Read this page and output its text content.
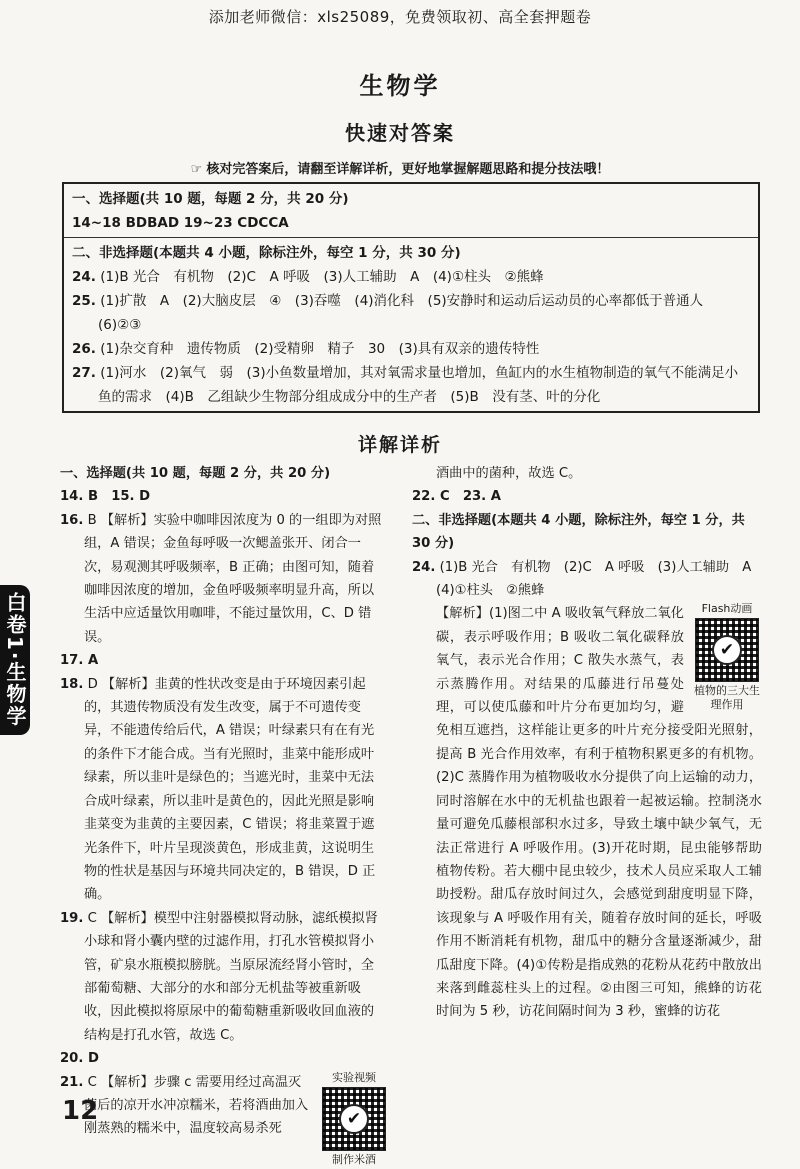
添加老师微信：xls25089，免费领取初、高全套押题卷
生物学
快速对答案
☞ 核对完答案后，请翻至详解详析，更好地掌握解题思路和提分技法哦！
一、选择题(共 10 题，每题 2 分，共 20 分)
14~18 BDBAD 19~23 CDCCA
二、非选择题(本题共 4 小题，除标注外，每空 1 分，共 30 分)
24. (1)B 光合　有机物　(2)C　A 呼吸　(3)人工辅助　A　(4)①柱头　②熊蜂
25. (1)扩散　A　(2)大脑皮层　④　(3)吞噬　(4)消化科　(5)安静时和运动后运动员的心率都低于普通人　(6)②③
26. (1)杂交育种　遗传物质　(2)受精卵　精子　30　(3)具有双亲的遗传特性
27. (1)河水　(2)氧气　弱　(3)小鱼数量增加，其对氧需求量也增加，鱼缸内的水生植物制造的氧气不能满足小鱼的需求　(4)B　乙组缺少生物部分组成成分中的生产者　(5)B　没有茎、叶的分化
详解详析

一、选择题(共 10 题，每题 2 分，共 20 分)

14. B　15. D

16. B 【解析】实验中咖啡因浓度为 0 的一组即为对照组，A 错误；金鱼每呼吸一次鳃盖张开、闭合一次，易观测其呼吸频率，B 正确；由图可知，随着咖啡因浓度的增加，金鱼呼吸频率明显升高，所以生活中应适量饮用咖啡，不能过量饮用，C、D 错误。

17. A

18. D 【解析】韭黄的性状改变是由于环境因素引起的，其遗传物质没有发生改变，属于不可遗传变异，不能遗传给后代，A 错误；叶绿素只有在有光的条件下才能合成。当有光照时，韭菜中能形成叶绿素，所以韭叶是绿色的；当遮光时，韭菜中无法合成叶绿素，所以韭叶是黄色的，因此光照是影响韭菜变为韭黄的主要因素，C 错误；将韭菜置于遮光条件下，叶片呈现淡黄色，形成韭黄，这说明生物的性状是基因与环境共同决定的，B 错误，D 正确。

19. C 【解析】模型中注射器模拟肾动脉，滤纸模拟肾小球和肾小囊内壁的过滤作用，打孔水管模拟肾小管，矿泉水瓶模拟膀胱。当原尿流经肾小管时，全部葡萄糖、大部分的水和部分无机盐等被重新吸收，因此模拟将原尿中的葡萄糖重新吸收回血液的结构是打孔水管，故选 C。

20. D

实验视频
✔
制作米酒

21. C 【解析】步骤 c 需要用经过高温灭菌后的凉开水冲凉糯米，若将酒曲加入刚蒸熟的糯米中，温度较高易杀死

酒曲中的菌种，故选 C。

22. C　23. A

二、非选择题(本题共 4 小题，除标注外，每空 1 分，共 30 分)

24. (1)B 光合　有机物　(2)C　A 呼吸　(3)人工辅助　A　(4)①柱头　②熊蜂

Flash动画
✔
植物的三大生理作用

【解析】(1)图二中 A 吸收氧气释放二氧化碳，表示呼吸作用；B 吸收二氧化碳释放氧气，表示光合作用；C 散失水蒸气，表示蒸腾作用。对结果的瓜藤进行吊蔓处理，可以使瓜藤和叶片分布更加均匀，避免相互遮挡，这样能让更多的叶片充分接受阳光照射，提高 B 光合作用效率，有利于植物积累更多的有机物。(2)C 蒸腾作用为植物吸收水分提供了向上运输的动力，同时溶解在水中的无机盐也跟着一起被运输。控制浇水量可避免瓜藤根部积水过多，导致土壤中缺少氧气，无法正常进行 A 呼吸作用。(3)开花时期，昆虫能够帮助植物传粉。若大棚中昆虫较少，技术人员应采取人工辅助授粉。甜瓜存放时间过久，会感觉到甜度明显下降，该现象与 A 呼吸作用有关，随着存放时间的延长，呼吸作用不断消耗有机物，甜瓜中的糖分含量逐渐减少，甜瓜甜度下降。(4)①传粉是指成熟的花粉从花药中散放出来落到雌蕊柱头上的过程。②由图三可知，熊蜂的访花时间为 5 秒，访花间隔时间为 3 秒，蜜蜂的访花

白卷1·生物学
12
